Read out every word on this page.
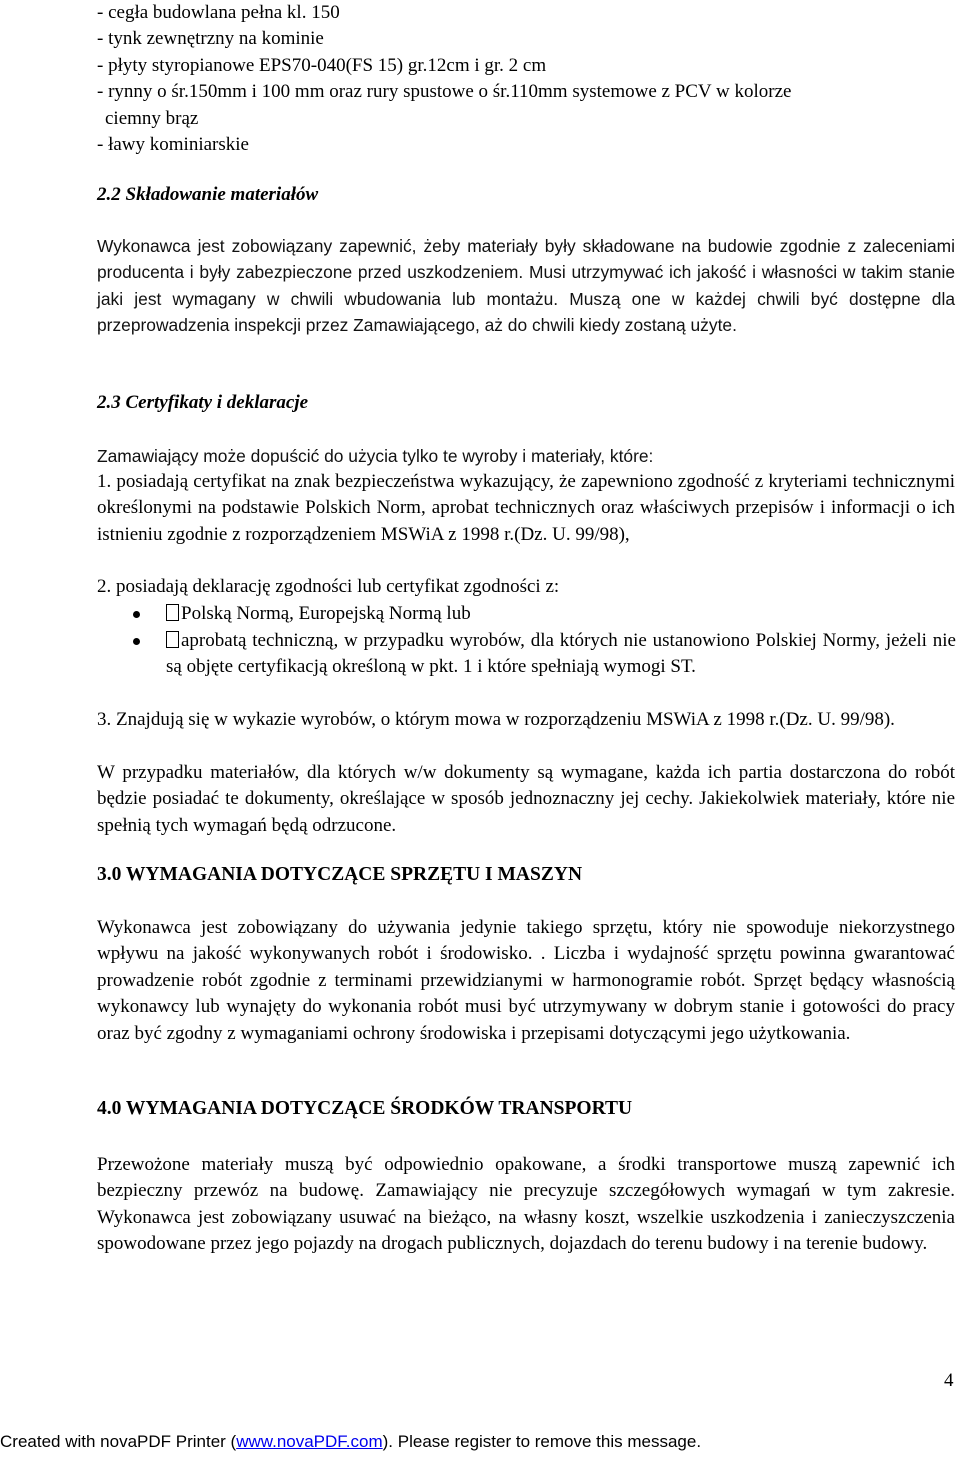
- cegła budowlana pełna kl. 150
- tynk zewnętrzny na kominie
- płyty styropianowe EPS70-040(FS 15) gr.12cm i gr. 2 cm
- rynny o śr.150mm i 100 mm oraz rury spustowe o śr.110mm systemowe z PCV w kolorze
ciemny brąz
- ławy kominiarskie
2.2 Składowanie materiałów

Wykonawca jest zobowiązany zapewnić, żeby materiały były składowane na budowie zgodnie z zaleceniami producenta i były zabezpieczone przed uszkodzeniem. Musi utrzymywać ich jakość i własności w takim stanie jaki jest wymagany w chwili wbudowania lub montażu. Muszą one w każdej chwili być dostępne dla przeprowadzenia inspekcji przez Zamawiającego, aż do chwili kiedy zostaną użyte.

2.3 Certyfikaty i deklaracje

Zamawiający może dopuścić do użycia tylko te wyroby i materiały, które:

1. posiadają certyfikat na znak bezpieczeństwa wykazujący, że zapewniono zgodność z kryteriami technicznymi określonymi na podstawie Polskich Norm, aprobat technicznych oraz właściwych przepisów i informacji o ich istnieniu zgodnie z rozporządzeniem MSWiA z 1998 r.(Dz. U. 99/98),

2. posiadają deklarację zgodności lub certyfikat zgodności z:

Polską Normą, Europejską Normą lub

aprobatą techniczną, w przypadku wyrobów, dla których nie ustanowiono Polskiej Normy, jeżeli nie są objęte certyfikacją określoną w pkt. 1 i które spełniają wymogi ST.

3. Znajdują się w wykazie wyrobów, o którym mowa w rozporządzeniu MSWiA z 1998 r.(Dz. U. 99/98).

W przypadku materiałów, dla których w/w dokumenty są wymagane, każda ich partia dostarczona do robót będzie posiadać te dokumenty, określające w sposób jednoznaczny jej cechy. Jakiekolwiek materiały, które nie spełnią tych wymagań będą odrzucone.

3.0 WYMAGANIA DOTYCZĄCE SPRZĘTU I MASZYN

Wykonawca jest zobowiązany do używania jedynie takiego sprzętu, który nie spowoduje niekorzystnego wpływu na jakość wykonywanych robót i środowisko. . Liczba i wydajność sprzętu powinna gwarantować prowadzenie robót zgodnie z terminami przewidzianymi w harmonogramie robót. Sprzęt będący własnością wykonawcy lub wynajęty do wykonania robót musi być utrzymywany w dobrym stanie i gotowości do pracy oraz być zgodny z wymaganiami ochrony środowiska i przepisami dotyczącymi jego użytkowania.

4.0 WYMAGANIA DOTYCZĄCE ŚRODKÓW TRANSPORTU

Przewożone materiały muszą być odpowiednio opakowane, a środki transportowe muszą zapewnić ich bezpieczny przewóz na budowę. Zamawiający nie precyzuje szczegółowych wymagań w tym zakresie. Wykonawca jest zobowiązany usuwać na bieżąco, na własny koszt, wszelkie uszkodzenia i zanieczyszczenia spowodowane przez jego pojazdy na drogach publicznych, dojazdach do terenu budowy i na terenie budowy.

4
Created with novaPDF Printer (www.novaPDF.com). Please register to remove this message.
